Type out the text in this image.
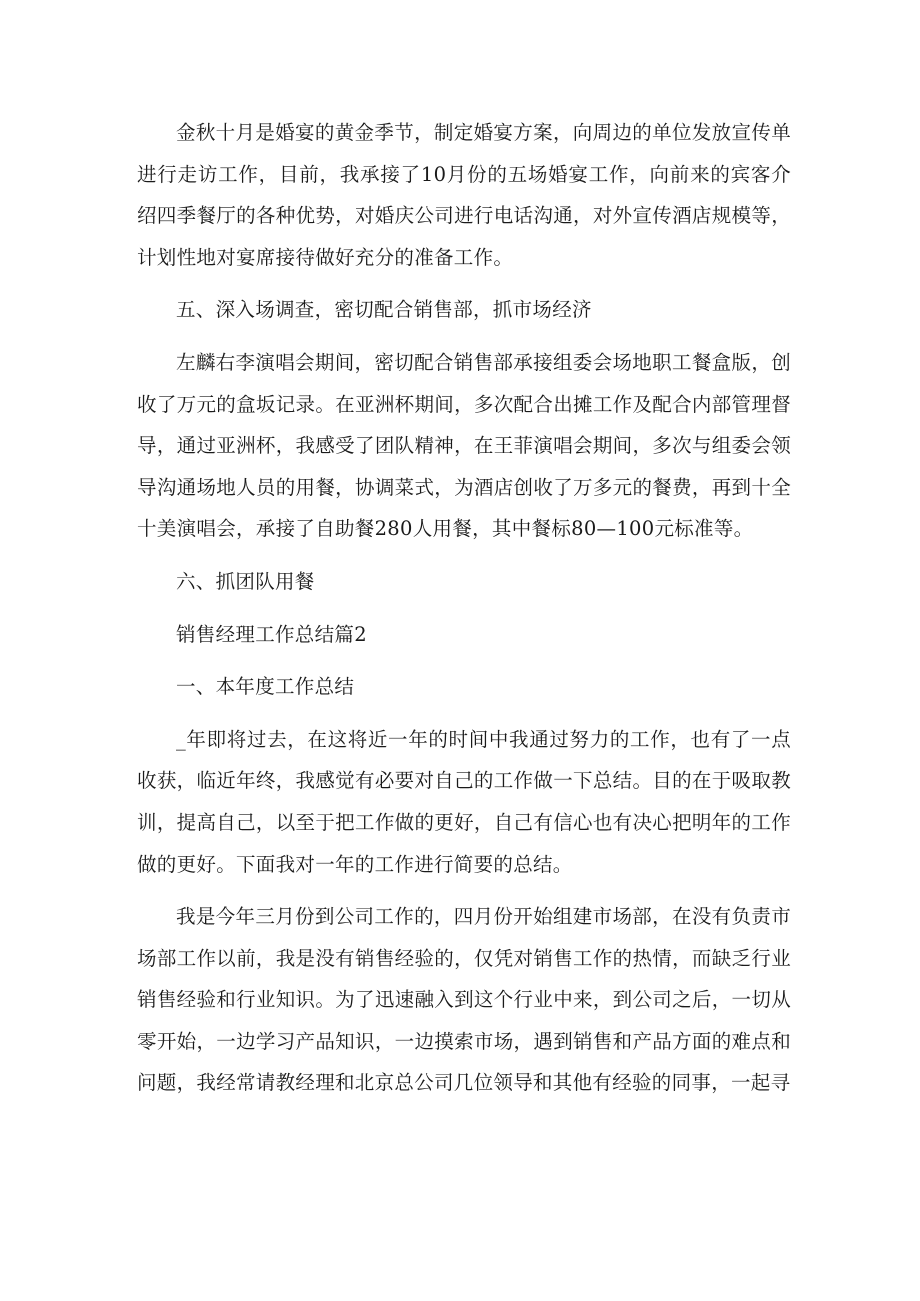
金秋十月是婚宴的黄金季节，制定婚宴方案，向周边的单位发放宣传单进行走访工作，目前，我承接了10月份的五场婚宴工作，向前来的宾客介绍四季餐厅的各种优势，对婚庆公司进行电话沟通，对外宣传酒店规模等，计划性地对宴席接待做好充分的准备工作。

五、深入场调查，密切配合销售部，抓市场经济

左麟右李演唱会期间，密切配合销售部承接组委会场地职工餐盒版，创收了万元的盒坂记录。在亚洲杯期间，多次配合出摊工作及配合内部管理督导，通过亚洲杯，我感受了团队精神，在王菲演唱会期间，多次与组委会领导沟通场地人员的用餐，协调菜式，为酒店创收了万多元的餐费，再到十全十美演唱会，承接了自助餐280人用餐，其中餐标80—100元标准等。

六、抓团队用餐

销售经理工作总结篇2

一、本年度工作总结

_年即将过去，在这将近一年的时间中我通过努力的工作，也有了一点收获，临近年终，我感觉有必要对自己的工作做一下总结。目的在于吸取教训，提高自己，以至于把工作做的更好，自己有信心也有决心把明年的工作做的更好。下面我对一年的工作进行简要的总结。

我是今年三月份到公司工作的，四月份开始组建市场部，在没有负责市场部工作以前，我是没有销售经验的，仅凭对销售工作的热情，而缺乏行业销售经验和行业知识。为了迅速融入到这个行业中来，到公司之后，一切从零开始，一边学习产品知识，一边摸索市场，遇到销售和产品方面的难点和问题，我经常请教经理和北京总公司几位领导和其他有经验的同事，一起寻
